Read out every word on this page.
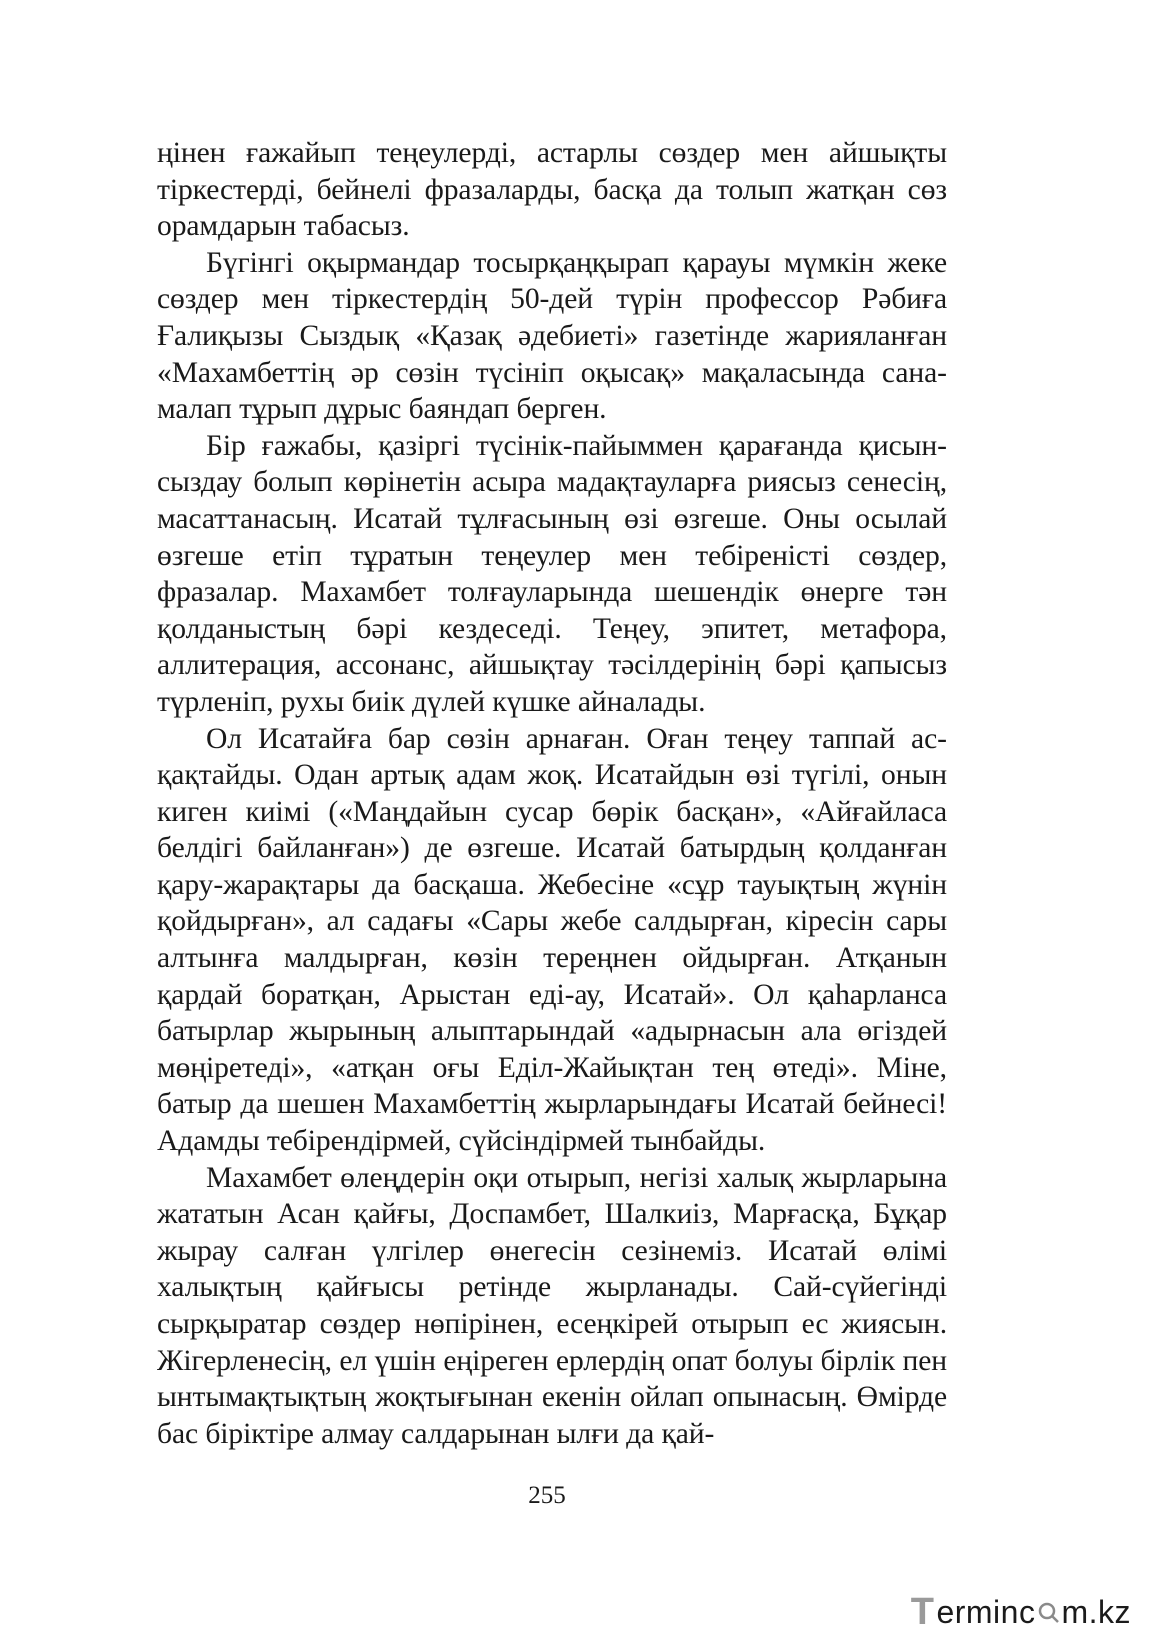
ңінен ғажайып теңеулерді, астарлы сөздер мен айшықты тіркестерді, бейнелі фразаларды, басқа да толып жатқан сөз орамдарын табасыз.

Бүгінгі оқырмандар тосырқаңқырап қарауы мүмкін жеке сөздер мен тіркестердің 50-дей түрін профессор Рәбиға Ғалиқызы Сыздық «Қазақ әдебиеті» газетінде жарияланған «Махамбеттің әр сөзін түсініп оқысақ» мақаласында санамалап тұрып дұрыс баяндап берген.

Бір ғажабы, қазіргі түсінік-пайыммен қарағанда қисынсыздау болып көрінетін асыра мадақтауларға риясыз сенесің, масаттанасың. Исатай тұлғасының өзі өзгеше. Оны осылай өзгеше етіп тұратын теңеулер мен тебіреністі сөздер, фразалар. Махамбет толғауларында шешендік өнерге тән қолданыстың бәрі кездеседі. Теңеу, эпитет, метафора, аллитерация, ассонанс, айшықтау тәсілдерінің бәрі қапысыз түрленіп, рухы биік дүлей күшке айналады.

Ол Исатайға бар сөзін арнаған. Оған теңеу таппай асқақтайды. Одан артық адам жоқ. Исатайдын өзі түгілі, онын киген киімі («Маңдайын сусар бөрік басқан», «Айғайласа белдігі байланған») де өзгеше. Исатай батырдың қолданған қару-жарақтары да басқаша. Жебесіне «сұр тауықтың жүнін қойдырған», ал садағы «Сары жебе салдырған, кіресін сары алтынға малдырған, көзін тереңнен ойдырған. Атқанын қардай боратқан, Арыстан еді-ау, Исатай». Ол қаһарланса батырлар жырының алыптарындай «адырнасын ала өгіздей мөңіретеді», «атқан оғы Еділ-Жайықтан тең өтеді». Міне, батыр да шешен Махамбеттің жырларындағы Исатай бейнесі! Адамды тебірендірмей, сүйсіндірмей тынбайды.

Махамбет өлеңдерін оқи отырып, негізі халық жырларына жататын Асан қайғы, Доспамбет, Шалкиіз, Марғасқа, Бұқар жырау салған үлгілер өнегесін сезінеміз. Исатай өлімі халықтың қайғысы ретінде жырланады. Сай-сүйегінді сырқыратар сөздер нөпірінен, есеңкірей отырып ес жиясын. Жігерленесің, ел үшін еңіреген ерлердің опат болуы бірлік пен ынтымақтықтың жоқтығынан екенін ойлап опынасың. Өмірде бас біріктіре алмау салдарынан ылғи да қай-

255
T erminc m.kz
